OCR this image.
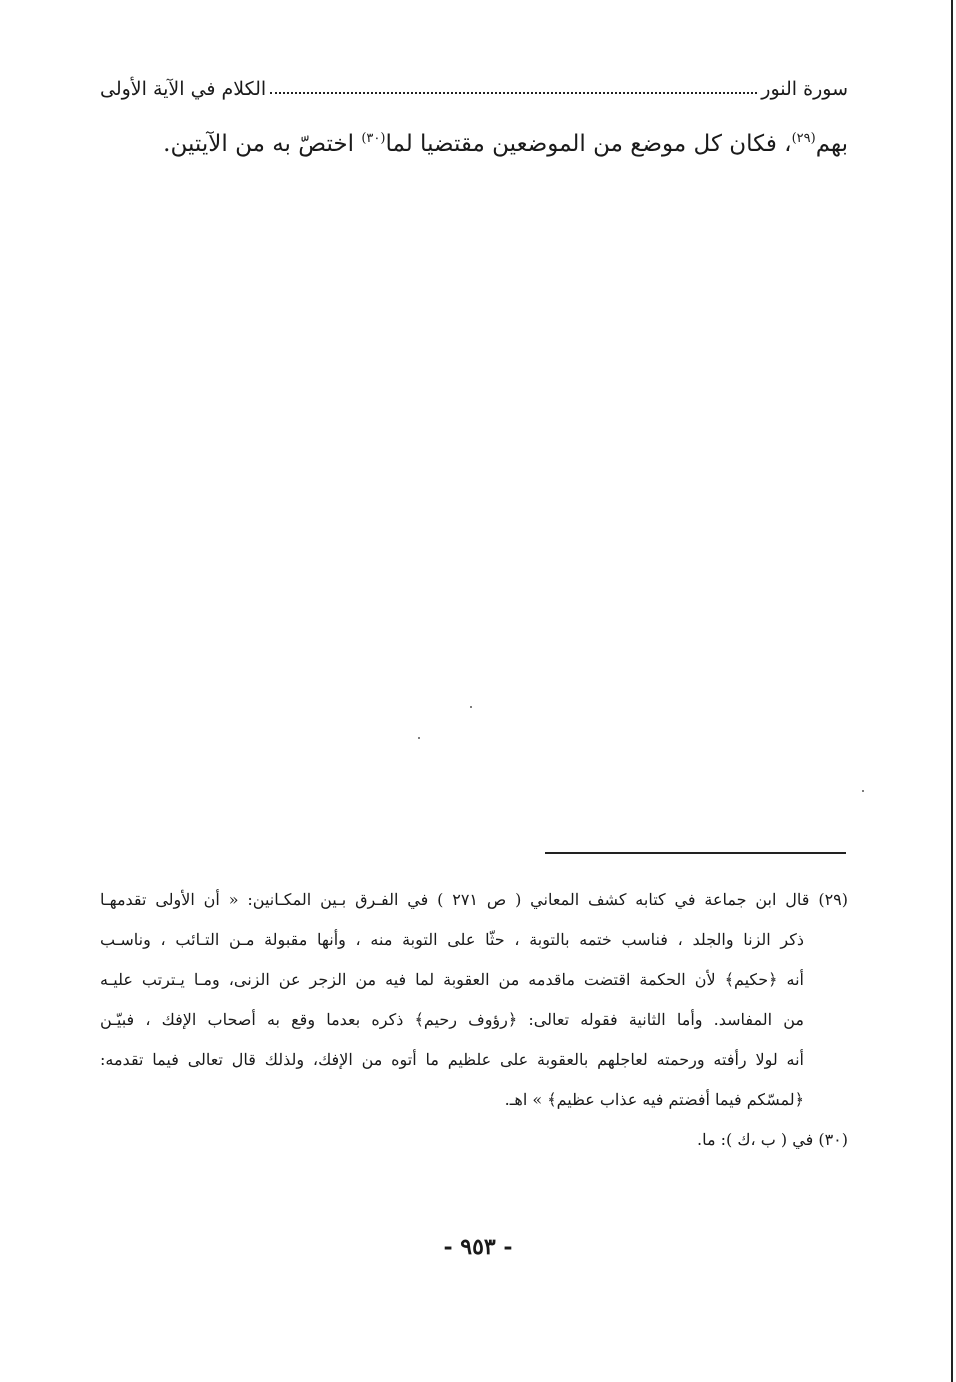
سورة النور
الكلام في الآية الأولى
بهم$^{(٢٩)}$، فكان كل موضع من الموضعين مقتضيا لما$^{(٣٠)}$ اختصّ به من الآيتين.
(٢٩) قال ابن جماعة في كتابه كشف المعاني ( ص ٢٧١ ) في الفـرق بـين المكـانين: « أن الأولى تقدمهـا
ذكر الزنا والجلد ، فناسب ختمه بالتوبة ، حثّا على التوبة منه ، وأنها مقبولة مـن التـائب ، وناسـب
أنه ﴿حكيم﴾ لأن الحكمة اقتضت ماقدمه من العقوبة لما فيه من الزجر عن الزنى، ومـا يـترتب عليـه
من المفاسد. وأما الثانية فقوله تعالى: ﴿رؤوف رحيم﴾ ذكره بعدما وقع به أصحاب الإفك ، فبيّـن
أنه لولا رأفته ورحمته لعاجلهم بالعقوبة على علظيم ما أتوه من الإفك، ولذلك قال تعالى فيما تقدمه:
﴿لمسّكم فيما أفضتم فيه عذاب عظيم﴾ » اهـ.
(٣٠) في ( ب ،ك ): ما.
- ٩٥٣ -
